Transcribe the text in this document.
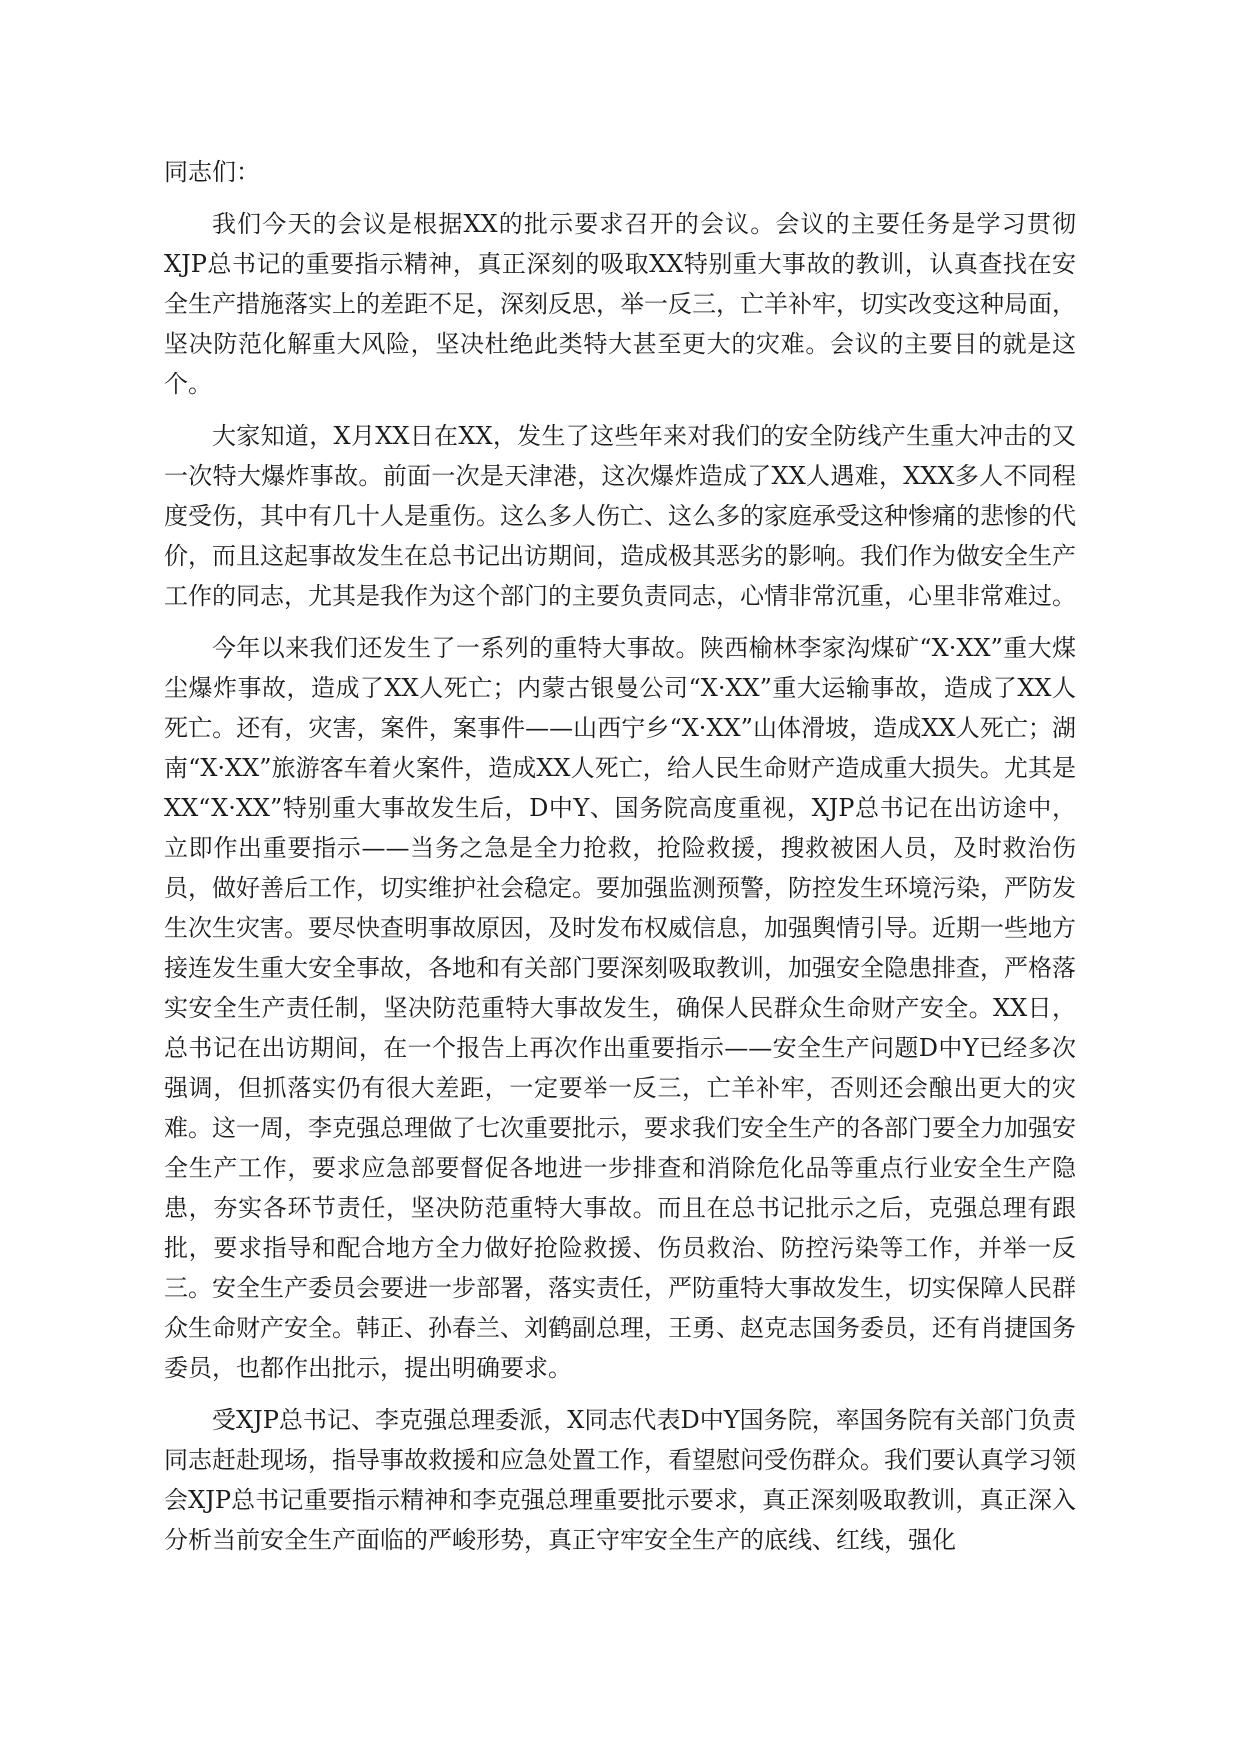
同志们：

我们今天的会议是根据XX的批示要求召开的会议。会议的主要任务是学习贯彻XJP总书记的重要指示精神，真正深刻的吸取XX特别重大事故的教训，认真查找在安全生产措施落实上的差距不足，深刻反思，举一反三，亡羊补牢，切实改变这种局面，坚决防范化解重大风险，坚决杜绝此类特大甚至更大的灾难。会议的主要目的就是这个。

大家知道，X月XX日在XX，发生了这些年来对我们的安全防线产生重大冲击的又一次特大爆炸事故。前面一次是天津港，这次爆炸造成了XX人遇难，XXX多人不同程度受伤，其中有几十人是重伤。这么多人伤亡、这么多的家庭承受这种惨痛的悲惨的代价，而且这起事故发生在总书记出访期间，造成极其恶劣的影响。我们作为做安全生产工作的同志，尤其是我作为这个部门的主要负责同志，心情非常沉重，心里非常难过。

今年以来我们还发生了一系列的重特大事故。陕西榆林李家沟煤矿“X·XX”重大煤尘爆炸事故，造成了XX人死亡；内蒙古银曼公司“X·XX”重大运输事故，造成了XX人死亡。还有，灾害，案件，案事件——山西宁乡“X·XX”山体滑坡，造成XX人死亡；湖南“X·XX”旅游客车着火案件，造成XX人死亡，给人民生命财产造成重大损失。尤其是XX“X·XX”特别重大事故发生后，D中Y、国务院高度重视，XJP总书记在出访途中，立即作出重要指示——当务之急是全力抢救，抢险救援，搜救被困人员，及时救治伤员，做好善后工作，切实维护社会稳定。要加强监测预警，防控发生环境污染，严防发生次生灾害。要尽快查明事故原因，及时发布权威信息，加强舆情引导。近期一些地方接连发生重大安全事故，各地和有关部门要深刻吸取教训，加强安全隐患排查，严格落实安全生产责任制，坚决防范重特大事故发生，确保人民群众生命财产安全。XX日，总书记在出访期间，在一个报告上再次作出重要指示——安全生产问题D中Y已经多次强调，但抓落实仍有很大差距，一定要举一反三，亡羊补牢，否则还会酿出更大的灾难。这一周，李克强总理做了七次重要批示，要求我们安全生产的各部门要全力加强安全生产工作，要求应急部要督促各地进一步排查和消除危化品等重点行业安全生产隐患，夯实各环节责任，坚决防范重特大事故。而且在总书记批示之后，克强总理有跟批，要求指导和配合地方全力做好抢险救援、伤员救治、防控污染等工作，并举一反三。安全生产委员会要进一步部署，落实责任，严防重特大事故发生，切实保障人民群众生命财产安全。韩正、孙春兰、刘鹤副总理，王勇、赵克志国务委员，还有肖捷国务委员，也都作出批示，提出明确要求。

受XJP总书记、李克强总理委派，X同志代表D中Y国务院，率国务院有关部门负责同志赶赴现场，指导事故救援和应急处置工作，看望慰问受伤群众。我们要认真学习领会XJP总书记重要指示精神和李克强总理重要批示要求，真正深刻吸取教训，真正深入分析当前安全生产面临的严峻形势，真正守牢安全生产的底线、红线，强化
